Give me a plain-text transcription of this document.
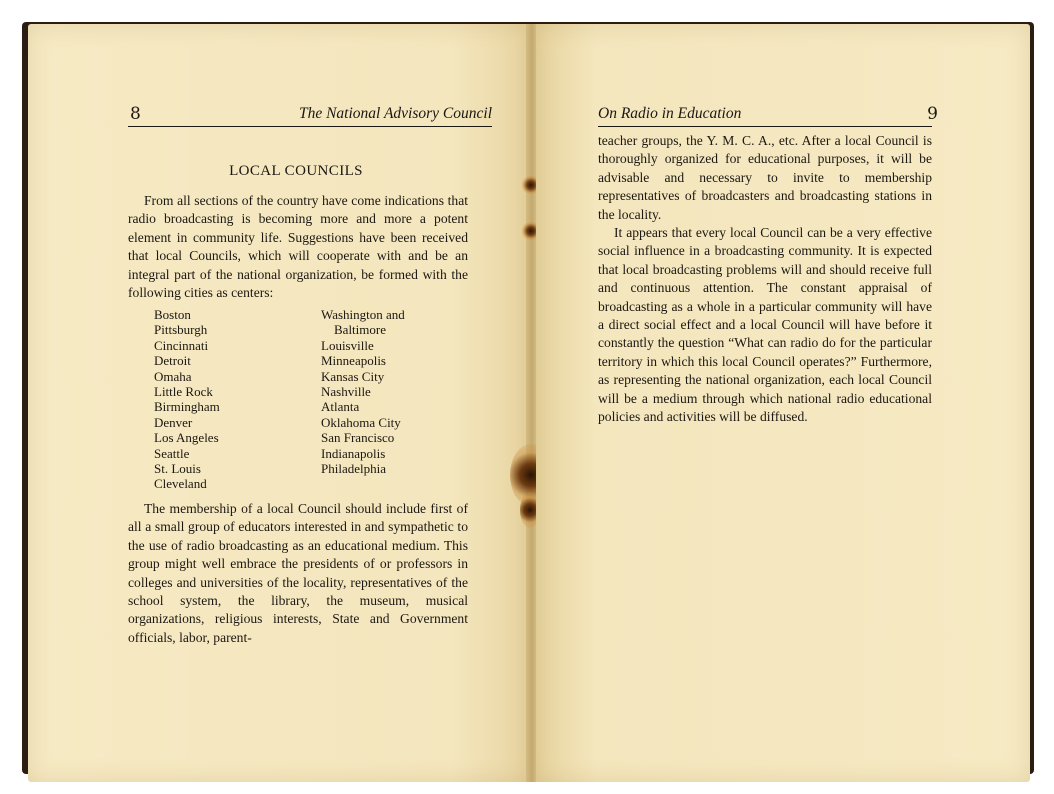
8	The National Advisory Council
LOCAL COUNCILS

From all sections of the country have come indications that radio broadcasting is becoming more and more a potent element in community life. Suggestions have been received that local Councils, which will cooperate with and be an integral part of the national organization, be formed with the following cities as centers:

Boston
Pittsburgh
Cincinnati
Detroit
Omaha
Little Rock
Birmingham
Denver
Los Angeles
Seattle
St. Louis
Cleveland
Washington and
Baltimore
Louisville
Minneapolis
Kansas City
Nashville
Atlanta
Oklahoma City
San Francisco
Indianapolis
Philadelphia

The membership of a local Council should include first of all a small group of educators interested in and sympathetic to the use of radio broadcasting as an educational medium. This group might well embrace the presidents of or professors in colleges and universities of the locality, representatives of the school system, the library, the museum, musical organizations, religious interests, State and Government officials, labor, parent-

On Radio in Education	9

teacher groups, the Y. M. C. A., etc. After a local Council is thoroughly organized for educational purposes, it will be advisable and necessary to invite to membership representatives of broadcasters and broadcasting stations in the locality.

It appears that every local Council can be a very effective social influence in a broadcasting community. It is expected that local broadcasting problems will and should receive full and continuous attention. The constant appraisal of broadcasting as a whole in a particular community will have a direct social effect and a local Council will have before it constantly the question “What can radio do for the particular territory in which this local Council operates?” Furthermore, as representing the national organization, each local Council will be a medium through which national radio educational policies and activities will be diffused.
